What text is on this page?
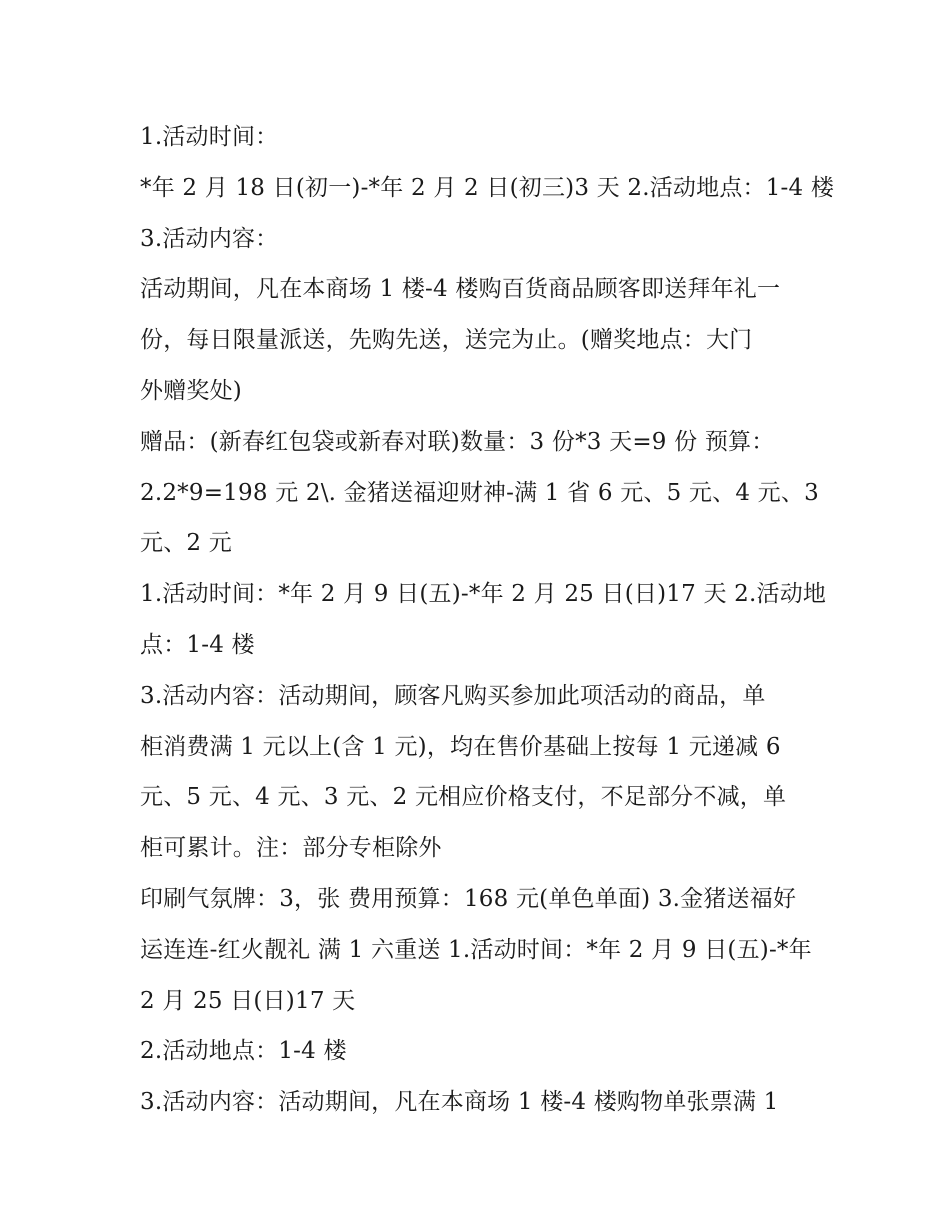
1.活动时间：
*年 2 月 18 日(初一)-*年 2 月 2 日(初三)3 天 2.活动地点：1-4 楼
3.活动内容：
活动期间，凡在本商场 1 楼-4 楼购百货商品顾客即送拜年礼一
份，每日限量派送，先购先送，送完为止。(赠奖地点：大门
外赠奖处)
赠品：(新春红包袋或新春对联)数量：3 份*3 天=9 份 预算：
2.2*9=198 元 2\. 金猪送福迎财神-满 1 省 6 元、5 元、4 元、3
元、2 元
1.活动时间：*年 2 月 9 日(五)-*年 2 月 25 日(日)17 天 2.活动地
点：1-4 楼
3.活动内容：活动期间，顾客凡购买参加此项活动的商品，单
柜消费满 1 元以上(含 1 元)，均在售价基础上按每 1 元递减 6
元、5 元、4 元、3 元、2 元相应价格支付，不足部分不减，单
柜可累计。注：部分专柜除外
印刷气氛牌：3，张 费用预算：168 元(单色单面) 3.金猪送福好
运连连-红火靓礼 满 1 六重送 1.活动时间：*年 2 月 9 日(五)-*年
2 月 25 日(日)17 天
2.活动地点：1-4 楼
3.活动内容：活动期间，凡在本商场 1 楼-4 楼购物单张票满 1
